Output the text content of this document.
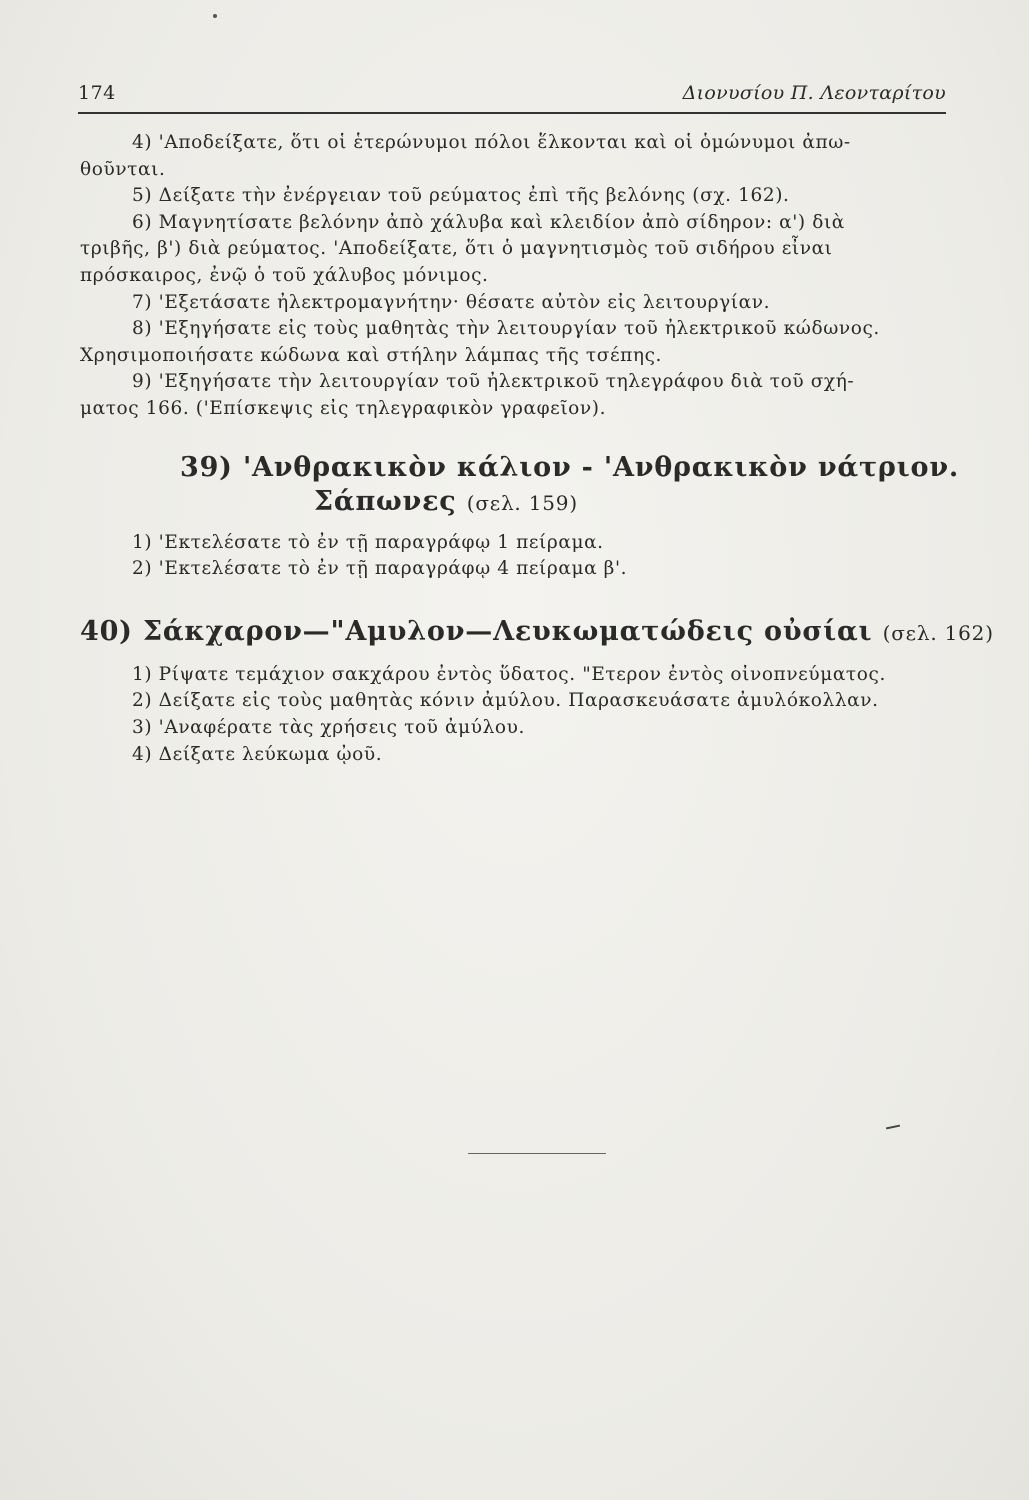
174	Διονυσίου Π. Λεονταρίτου
4) 'Αποδείξατε, ὅτι οἱ ἑτερώνυμοι πόλοι ἕλκονται καὶ οἱ ὁμώνυμοι ἀπω-
θοῦνται.
5) Δείξατε τὴν ἐνέργειαν τοῦ ρεύματος ἐπὶ τῆς βελόνης (σχ. 162).
6) Μαγνητίσατε βελόνην ἀπὸ χάλυβα καὶ κλειδίον ἀπὸ σίδηρον: α') διὰ
τριβῆς, β') διὰ ρεύματος. 'Αποδείξατε, ὅτι ὁ μαγνητισμὸς τοῦ σιδήρου εἶναι
πρόσκαιρος, ἐνῷ ὁ τοῦ χάλυβος μόνιμος.
7) 'Εξετάσατε ἠλεκτρομαγνήτην· θέσατε αὐτὸν εἰς λειτουργίαν.
8) 'Εξηγήσατε εἰς τοὺς μαθητὰς τὴν λειτουργίαν τοῦ ἠλεκτρικοῦ κώδωνος.
Χρησιμοποιήσατε κώδωνα καὶ στήλην λάμπας τῆς τσέπης.
9) 'Εξηγήσατε τὴν λειτουργίαν τοῦ ἠλεκτρικοῦ τηλεγράφου διὰ τοῦ σχή-
ματος 166. ('Επίσκεψις εἰς τηλεγραφικὸν γραφεῖον).
39) 'Ανθρακικὸν κάλιον - 'Ανθρακικὸν νάτριον.
Σάπωνες (σελ. 159)
1) 'Εκτελέσατε τὸ ἐν τῇ παραγράφῳ 1 πείραμα.
2) 'Εκτελέσατε τὸ ἐν τῇ παραγράφῳ 4 πείραμα β'.
40) Σάκχαρον—"Αμυλον—Λευκωματώδεις οὐσίαι (σελ. 162)
1) Ρίψατε τεμάχιον σακχάρου ἐντὸς ὕδατος. "Ετερον ἐντὸς οἰνοπνεύματος.
2) Δείξατε εἰς τοὺς μαθητὰς κόνιν ἀμύλου. Παρασκευάσατε ἀμυλόκολλαν.
3) 'Αναφέρατε τὰς χρήσεις τοῦ ἀμύλου.
4) Δείξατε λεύκωμα ᾠοῦ.
